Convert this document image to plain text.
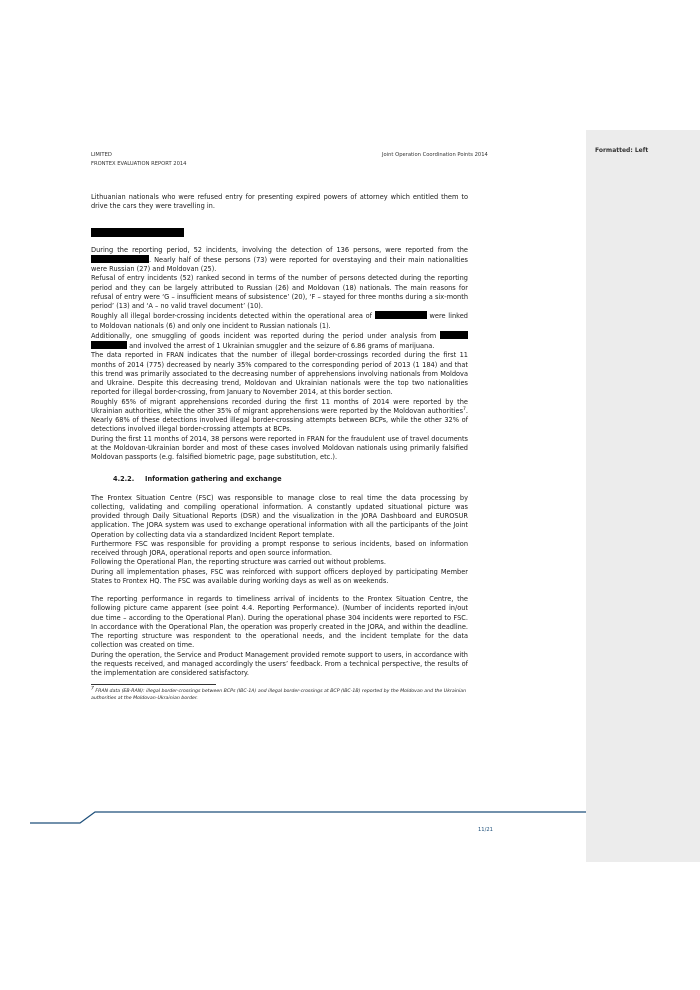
Formatted: Left
LIMITED
FRONTEX EVALUATION REPORT 2014
Joint Operation Coordination Points 2014

Lithuanian nationals who were refused entry for presenting expired powers of attorney which entitled them to drive the cars they were travelling in.

During the reporting period, 52 incidents, involving the detection of 136 persons, were reported from the . Nearly half of these persons (73) were reported for overstaying and their main nationalities were Russian (27) and Moldovan (25).

Refusal of entry incidents (52) ranked second in terms of the number of persons detected during the reporting period and they can be largely attributed to Russian (26) and Moldovan (18) nationals. The main reasons for refusal of entry were ‘G – insufficient means of subsistence’ (20), ‘F – stayed for three months during a six-month period’ (13) and ‘A – no valid travel document’ (10).

Roughly all illegal border-crossing incidents detected within the operational area of	were linked to Moldovan nationals (6) and only one incident to Russian nationals (1).

Additionally, one smuggling of goods incident was reported during the period under analysis from   and involved the arrest of 1 Ukrainian smuggler and the seizure of 6.86 grams of marijuana.

The data reported in FRAN indicates that the number of illegal border-crossings recorded during the first 11 months of 2014 (775) decreased by nearly 35% compared to the corresponding period of 2013 (1 184) and that this trend was primarily associated to the decreasing number of apprehensions involving nationals from Moldova and Ukraine. Despite this decreasing trend, Moldovan and Ukrainian nationals were the top two nationalities reported for illegal border-crossing, from January to November 2014, at this border section.

Roughly 65% of migrant apprehensions recorded during the first 11 months of 2014 were reported by the Ukrainian authorities, while the other 35% of migrant apprehensions were reported by the Moldovan authorities$^7$. Nearly 68% of these detections involved illegal border-crossing attempts between BCPs, while the other 32% of detections involved illegal border-crossing attempts at BCPs.

During the first 11 months of 2014, 38 persons were reported in FRAN for the fraudulent use of travel documents at the Moldovan-Ukrainian border and most of these cases involved Moldovan nationals using primarily falsified Moldovan passports (e.g. falsified biometric page, page substitution, etc.).

4.2.2. Information gathering and exchange

The Frontex Situation Centre (FSC) was responsible to manage close to real time the data processing by collecting, validating and compiling operational information. A constantly updated situational picture was provided through Daily Situational Reports (DSR) and the visualization in the JORA Dashboard and EUROSUR application. The JORA system was used to exchange operational information with all the participants of the Joint Operation by collecting data via a standardized Incident Report template.

Furthermore FSC was responsible for providing a prompt response to serious incidents, based on information received through JORA, operational reports and open source information.

Following the Operational Plan, the reporting structure was carried out without problems.

During all implementation phases, FSC was reinforced with support officers deployed by participating Member States to Frontex HQ. The FSC was available during working days as well as on weekends.

The reporting performance in regards to timeliness arrival of incidents to the Frontex Situation Centre, the following picture came apparent (see point 4.4. Reporting Performance). (Number of incidents reported in/out due time – according to the Operational Plan). During the operational phase 304 incidents were reported to FSC. In accordance with the Operational Plan, the operation was properly created in the JORA, and within the deadline. The reporting structure was respondent to the operational needs, and the incident template for the data collection was created on time.

During the operation, the Service and Product Management provided remote support to users, in accordance with the requests received, and managed accordingly the users’ feedback. From a technical perspective, the results of the implementation are considered satisfactory.

$^7$ FRAN data (EB-RAN): illegal border-crossings between BCPs (IBC-1A) and illegal border-crossings at BCP (IBC-1B) reported by the Moldovan and the Ukrainian authorities at the Moldovan-Ukrainian border.

11/21
